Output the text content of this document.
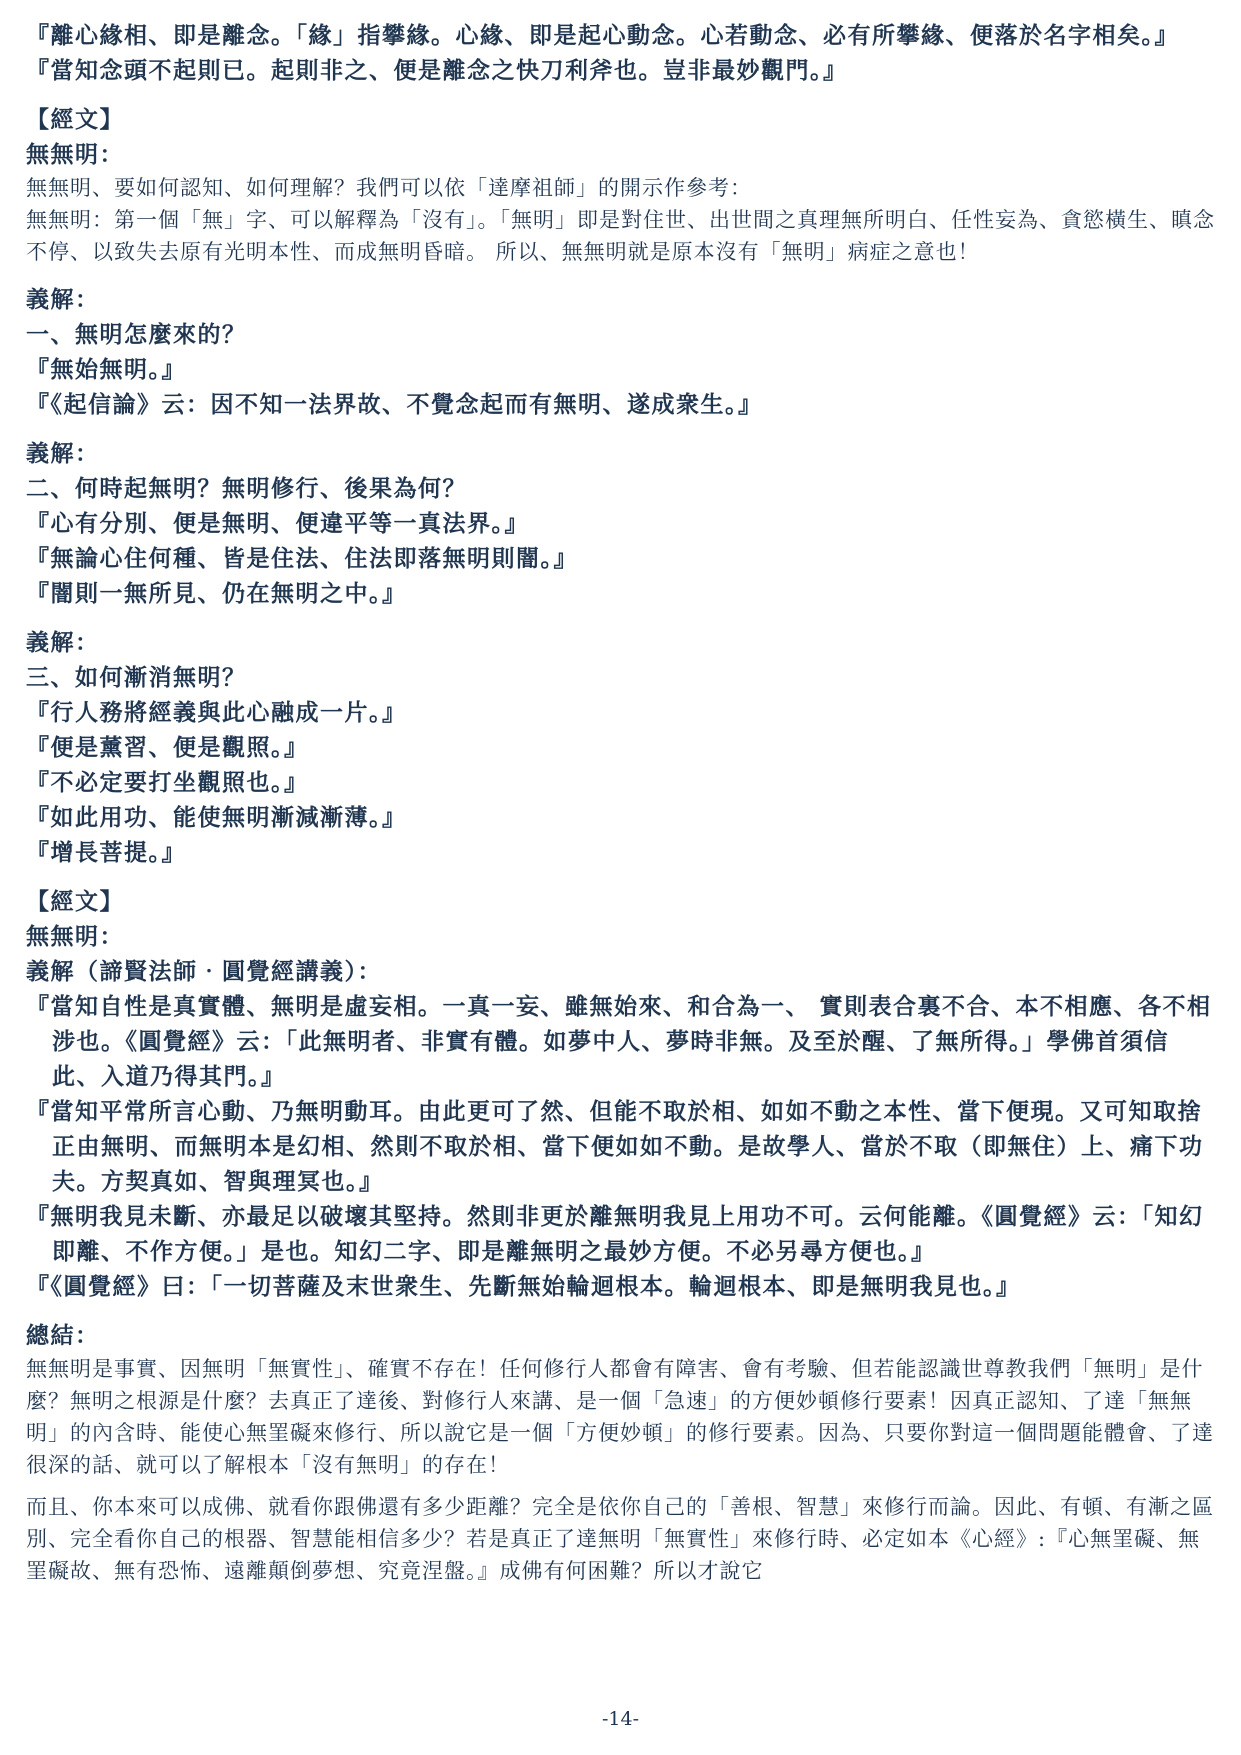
『離心緣相、即是離念。「緣」指攀緣。心緣、即是起心動念。心若動念、必有所攀緣、便落於名字相矣。』

『當知念頭不起則已。起則非之、便是離念之快刀利斧也。豈非最妙觀門。』

【經文】

無無明：

無無明、要如何認知、如何理解？我們可以依「達摩祖師」的開示作參考：

無無明：第一個「無」字、可以解釋為「沒有」。「無明」即是對住世、出世間之真理無所明白、任性妄為、貪慾橫生、瞋念不停、以致失去原有光明本性、而成無明昏暗。 所以、無無明就是原本沒有「無明」病症之意也！

義解：

一、無明怎麼來的？

『無始無明。』

『《起信論》云：因不知一法界故、不覺念起而有無明、遂成衆生。』

義解：

二、何時起無明？無明修行、後果為何？

『心有分別、便是無明、便違平等一真法界。』

『無論心住何種、皆是住法、住法即落無明則闇。』

『闇則一無所見、仍在無明之中。』

義解：

三、如何漸消無明？

『行人務將經義與此心融成一片。』

『便是薰習、便是觀照。』

『不必定要打坐觀照也。』

『如此用功、能使無明漸減漸薄。』

『增長菩提。』

【經文】

無無明：

義解（諦賢法師‧圓覺經講義）：

『當知自性是真實體、無明是虛妄相。一真一妄、雖無始來、和合為一、 實則表合裏不合、本不相應、各不相涉也。《圓覺經》云：「此無明者、非實有體。如夢中人、夢時非無。及至於醒、了無所得。」學佛首須信此、入道乃得其門。』

『當知平常所言心動、乃無明動耳。由此更可了然、但能不取於相、如如不動之本性、當下便現。又可知取捨正由無明、而無明本是幻相、然則不取於相、當下便如如不動。是故學人、當於不取（即無住）上、痛下功夫。方契真如、智與理冥也。』

『無明我見未斷、亦最足以破壞其堅持。然則非更於離無明我見上用功不可。云何能離。《圓覺經》云：「知幻即離、不作方便。」是也。知幻二字、即是離無明之最妙方便。不必另尋方便也。』

『《圓覺經》曰：「一切菩薩及末世衆生、先斷無始輪迴根本。輪迴根本、即是無明我見也。』

總結：

無無明是事實、因無明「無實性」、確實不存在！任何修行人都會有障害、會有考驗、但若能認識世尊教我們「無明」是什麼？無明之根源是什麼？去真正了達後、對修行人來講、是一個「急速」的方便妙頓修行要素！因真正認知、了達「無無明」的內含時、能使心無罣礙來修行、所以說它是一個「方便妙頓」的修行要素。因為、只要你對這一個問題能體會、了達很深的話、就可以了解根本「沒有無明」的存在！

而且、你本來可以成佛、就看你跟佛還有多少距離？完全是依你自己的「善根、智慧」來修行而論。因此、有頓、有漸之區別、完全看你自己的根器、智慧能相信多少？若是真正了達無明「無實性」來修行時、必定如本《心經》:『心無罣礙、無罣礙故、無有恐怖、遠離顛倒夢想、究竟涅盤。』成佛有何困難？所以才說它

-14-
